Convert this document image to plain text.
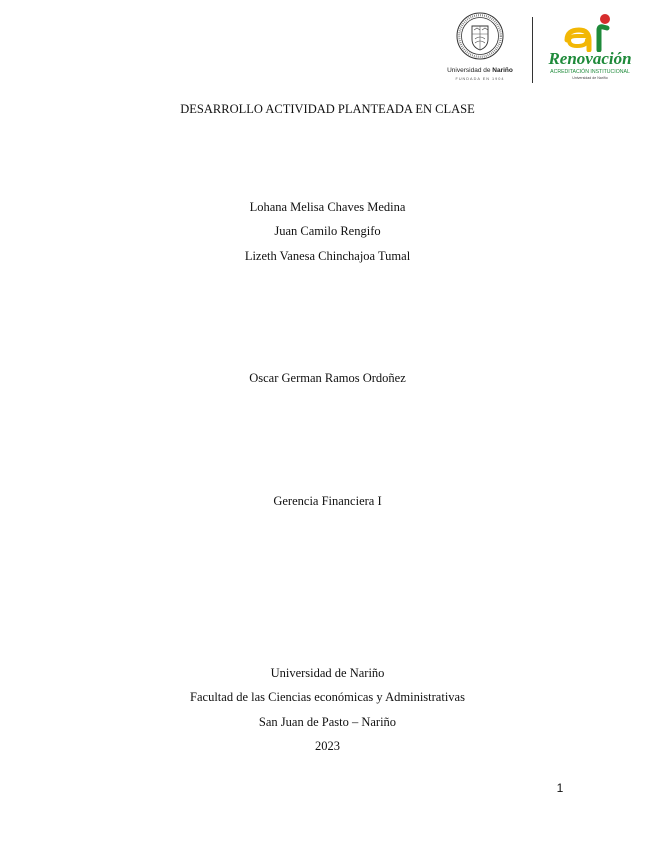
Universidad de Nariño
FUNDADA EN 1904
Renovación
ACREDITACIÓN INSTITUCIONAL
Universidad de Nariño
DESARROLLO ACTIVIDAD PLANTEADA EN CLASE
Lohana Melisa Chaves Medina
Juan Camilo Rengifo
Lizeth Vanesa Chinchajoa Tumal
Oscar German Ramos Ordoñez
Gerencia Financiera I
Universidad de Nariño
Facultad de las Ciencias económicas y Administrativas
San Juan de Pasto – Nariño
2023
1
